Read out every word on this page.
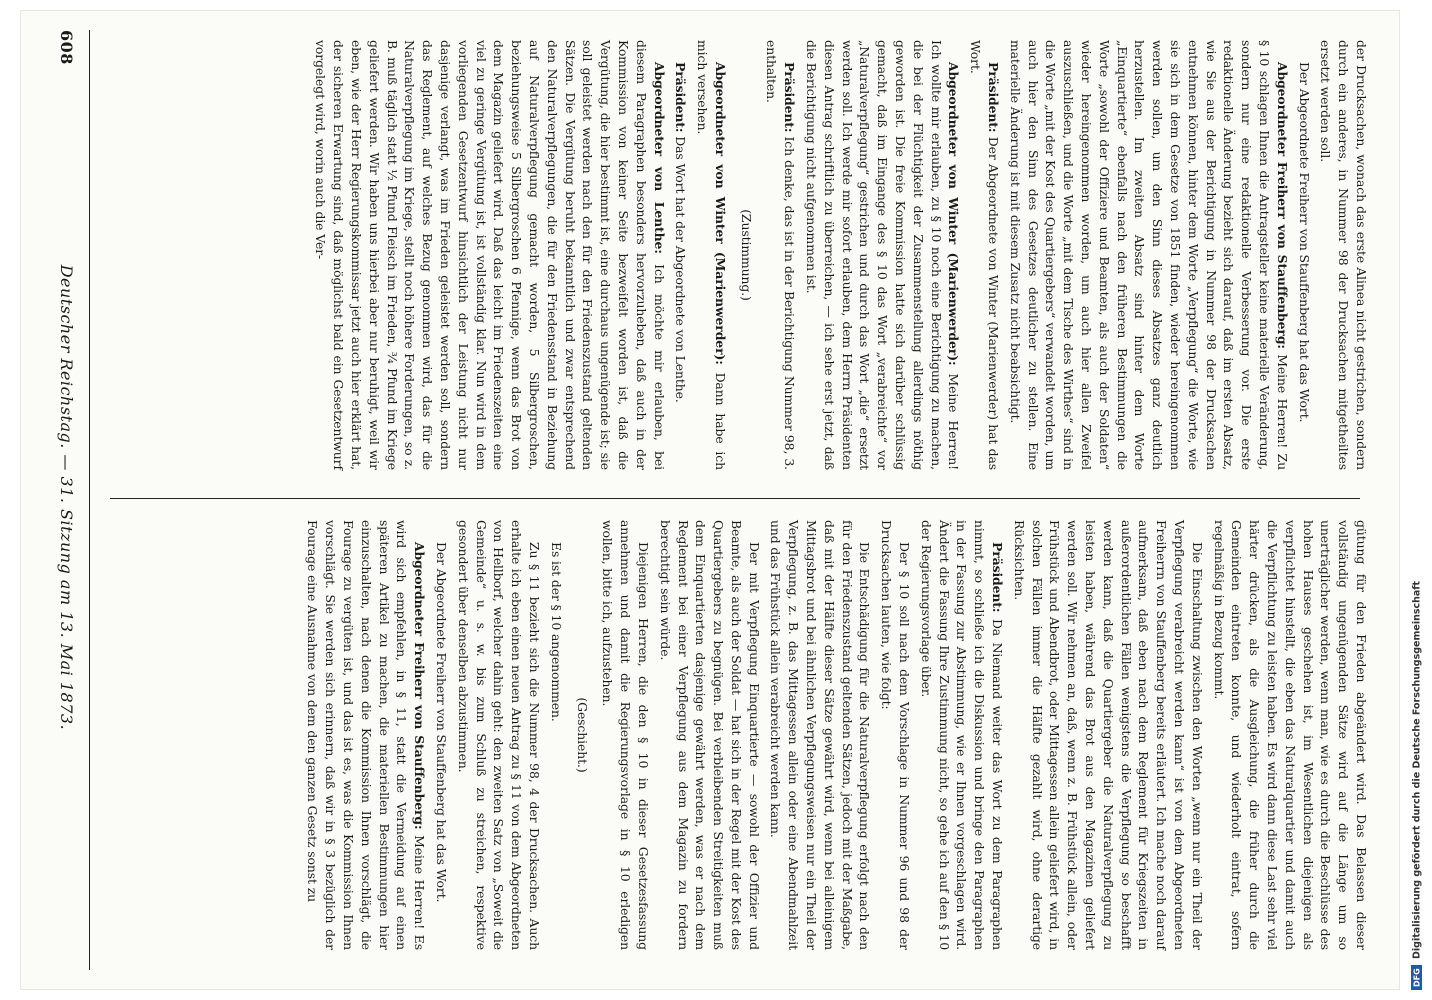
608
Deutscher Reichstag. — 31. Sitzung am 13. Mai 1873.

der Drucksachen, wonach das erste Alinea nicht gestrichen, sondern durch ein anderes, in Nummer 98 der Drucksachen mitgetheiltes ersetzt werden soll.

Der Abgeordnete Freiherr von Stauffenberg hat das Wort.

Abgeordneter Freiherr von Stauffenberg: Meine Herren! Zu § 10 schlagen Ihnen die Antragsteller keine materielle Veränderung, sondern nur eine redaktionelle Verbesserung vor. Die erste redaktionelle Änderung bezieht sich darauf, daß im ersten Absatz, wie Sie aus der Berichtigung in Nummer 98 der Drucksachen entnehmen können, hinter dem Worte „Verpflegung“ die Worte, wie sie sich in dem Gesetze von 1851 finden, wieder hereingenommen werden sollen, um den Sinn dieses Absatzes ganz deutlich herzustellen. Im zweiten Absatz sind hinter dem Worte „Einquartierte“ ebenfalls nach den früheren Bestimmungen die Worte „sowohl der Offiziere und Beamten, als auch der Soldaten“ wieder hereingenommen worden, um auch hier allen Zweifel auszuschließen, und die Worte „mit dem Tische des Wirthes“ sind in die Worte „mit der Kost des Quartiergebers“ verwandelt worden, um auch hier den Sinn des Gesetzes deutlicher zu stellen. Eine materielle Änderung ist mit diesem Zusatz nicht beabsichtigt.

Präsident: Der Abgeordnete von Winter (Marienwerder) hat das Wort.

Abgeordneter von Winter (Marienwerder): Meine Herren! Ich wollte mir erlauben, zu § 10 noch eine Berichtigung zu machen, die bei der Flüchtigkeit der Zusammenstellung allerdings nöthig geworden ist. Die freie Kommission hatte sich darüber schlüssig gemacht, daß im Eingange des § 10 das Wort „verabreichte“ vor „Naturalverpflegung“ gestrichen und durch das Wort „die“ ersetzt werden soll. Ich werde mir sofort erlauben, dem Herrn Präsidenten diesen Antrag schriftlich zu überreichen, — ich sehe erst jetzt, daß die Berichtigung nicht aufgenommen ist.

Präsident: Ich denke, das ist in der Berichtigung Nummer 98, 3. enthalten.

(Zustimmung.)

Abgeordneter von Winter (Marienwerder): Dann habe ich mich versehen.

Präsident: Das Wort hat der Abgeordnete von Lenthe.

Abgeordneter von Lenthe: Ich möchte mir erlauben, bei diesem Paragraphen besonders hervorzuheben, daß auch in der Kommission von keiner Seite bezweifelt worden ist, daß die Vergütung, die hier bestimmt ist, eine durchaus ungenügende ist; sie soll geleistet werden nach den für den Friedenszustand geltenden Sätzen. Die Vergütung beruht bekanntlich und zwar entsprechend den Naturalverpflegungen, die für den Friedensstand in Beziehung auf Naturalverpflegung gemacht worden, 5 Silbergroschen, beziehungsweise 5 Silbergroschen 6 Pfennige, wenn das Brot von dem Magazin geliefert wird. Daß das leicht im Friedenszeiten eine viel zu geringe Vergütung ist, ist vollständig klar. Nun wird in dem vorliegenden Gesetzentwurf hinsichtlich der Leistung nicht nur dasjenige verlangt, was im Frieden geleistet werden soll, sondern das Reglement, auf welches Bezug genommen wird, das für die Naturalverpflegung im Kriege, stellt noch höhere Forderungen, so z. B. muß täglich statt ½ Pfund Fleisch im Frieden, ¾ Pfund im Kriege geliefert werden. Wir haben uns hierbei aber nur beruhigt, weil wir eben, wie der Herr Regierungskommissar jetzt auch hier erklärt hat, der sicheren Erwartung sind, daß möglichst bald ein Gesetzentwurf vorgelegt wird, worin auch die Ver-

gütung für den Frieden abgeändert wird. Das Belassen dieser vollständig ungenügenden Sätze wird auf die Länge um so unerträglicher werden, wenn man, wie es durch die Beschlüsse des hohen Hauses geschehen ist, im Wesentlichen diejenigen als verpflichtet hinstellt, die eben das Naturalquartier und damit auch die Verpflichtung zu leisten haben. Es wird dann diese Last sehr viel härter drücken, als die Ausgleichung, die früher durch die Gemeinden eintreten konnte, und wiederholt eintrat, sofern regelmäßig in Bezug kommt.

Die Einschaltung zwischen den Worten „wenn nur ein Theil der Verpflegung verabreicht werden kann“ ist von dem Abgeordneten Freiherrn von Stauffenberg bereits erläutert. Ich mache noch darauf aufmerksam, daß eben nach dem Reglement für Kriegszeiten in außerordentlichen Fällen wenigstens die Verpflegung so beschafft werden kann, daß die Quartiergeber die Naturalverpflegung zu leisten haben, während das Brot aus den Magazinen geliefert werden soll. Wir nehmen an, daß, wenn z. B. Frühstück allein, oder Frühstück und Abendbrot, oder Mittagessen allein geliefert wird, in solchen Fällen immer die Hälfte gezahlt wird, ohne derartige Rücksichten.

Präsident: Da Niemand weiter das Wort zu dem Paragraphen nimmt, so schließe ich die Diskussion und bringe den Paragraphen in der Fassung zur Abstimmung, wie er Ihnen vorgeschlagen wird. Ändert die Fassung Ihre Zustimmung nicht, so gehe ich auf den § 10 der Regierungsvorlage über.

Der § 10 soll nach dem Vorschlage in Nummer 96 und 98 der Drucksachen lauten, wie folgt:

Die Entschädigung für die Naturalverpflegung erfolgt nach den für den Friedenszustand geltenden Sätzen, jedoch mit der Maßgabe, daß mit der Hälfte dieser Sätze gewährt wird, wenn bei alleinigem Mittagsbrot und bei ähnlichen Verpflegungsweisen nur ein Theil der Verpflegung, z. B. das Mittagessen allein oder eine Abendmahlzeit und das Frühstück allein verabreicht werden kann.

Der mit Verpflegung Einquartierte — sowohl der Offizier und Beamte, als auch der Soldat — hat sich in der Regel mit der Kost des Quartiergebers zu begnügen. Bei verbleibenden Streitigkeiten muß dem Einquartierten dasjenige gewährt werden, was er nach dem Reglement bei einer Verpflegung aus dem Magazin zu fordern berechtigt sein würde.

Diejenigen Herren, die den § 10 in dieser Gesetzesfassung annehmen und damit die Regierungsvorlage in § 10 erledigen wollen, bitte ich, aufzustehen.

(Geschieht.)

Es ist der § 10 angenommen.

Zu § 11 bezieht sich die Nummer 98, 4 der Drucksachen. Auch erhalte ich eben einen neuen Antrag zu § 11 von dem Abgeordneten von Hellborf, welcher dahin geht: den zweiten Satz von „Soweit die Gemeinde“ u. s. w. bis zum Schluß zu streichen, respektive gesondert über denselben abzustimmen.

Der Abgeordnete Freiherr von Stauffenberg hat das Wort.

Abgeordneter Freiherr von Stauffenberg: Meine Herren! Es wird sich empfehlen, in § 11, statt die Vermeidung auf einen späteren Artikel zu machen, die materiellen Bestimmungen hier einzuschalten, nach denen die Kommission Ihnen vorschlägt, die Fourage zu vergüten ist, und das ist es, was die Kommission Ihnen vorschlägt. Sie werden sich erinnern, daß wir in § 3 bezüglich der Fourage eine Ausnahme von dem den ganzen Gesetz sonst zu

DFG
Digitalisierung gefördert durch die Deutsche Forschungsgemeinschaft
